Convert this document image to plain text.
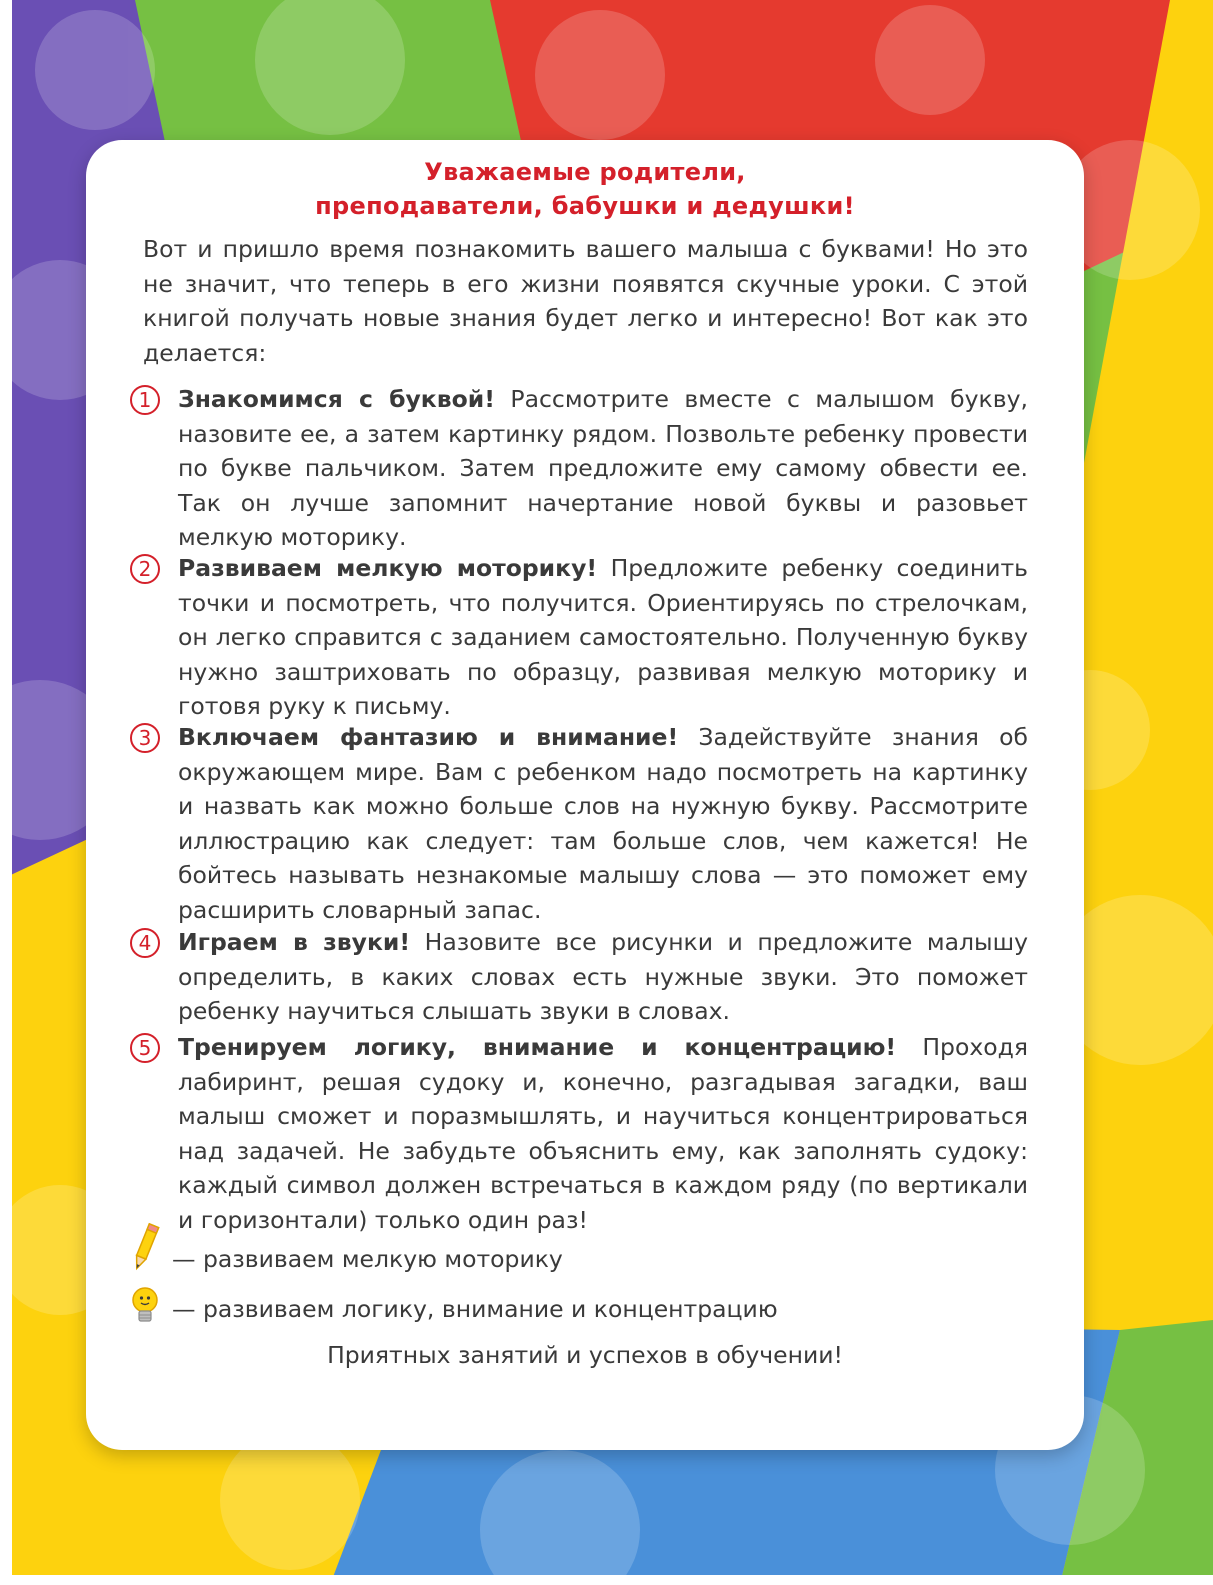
Уважаемые родители,
преподаватели, бабушки и дедушки!
Вот и пришло время познакомить вашего малыша с буквами! Но это не значит, что теперь в его жизни появятся скучные уроки. С этой книгой получать новые знания будет легко и интересно! Вот как это делается:
1	Знакомимся с буквой! Рассмотрите вместе с малышом букву, назовите ее, а затем картинку рядом. Позвольте ребенку провести по букве пальчиком. Затем предложите ему самому обвести ее. Так он лучше запомнит начертание новой буквы и разовьет мелкую моторику.
2	Развиваем мелкую моторику! Предложите ребенку соединить точки и посмотреть, что получится. Ориентируясь по стрелочкам, он легко справится с заданием самостоятельно. Полученную букву нужно заштриховать по образцу, развивая мелкую моторику и готовя руку к письму.
3	Включаем фантазию и внимание! Задействуйте знания об окружающем мире. Вам с ребенком надо посмотреть на картинку и назвать как можно больше слов на нужную букву. Рассмотрите иллюстрацию как следует: там больше слов, чем кажется! Не бойтесь называть незнакомые малышу слова — это поможет ему расширить словарный запас.
4	Играем в звуки! Назовите все рисунки и предложите малышу определить, в каких словах есть нужные звуки. Это поможет ребенку научиться слышать звуки в словах.
5	Тренируем логику, внимание и концентрацию! Проходя лабиринт, решая судоку и, конечно, разгадывая загадки, ваш малыш сможет и поразмышлять, и научиться концентрироваться над задачей. Не забудьте объяснить ему, как заполнять судоку: каждый символ должен встречаться в каждом ряду (по вертикали и горизонтали) только один раз!
— развиваем мелкую моторику
— развиваем логику, внимание и концентрацию
Приятных занятий и успехов в обучении!
